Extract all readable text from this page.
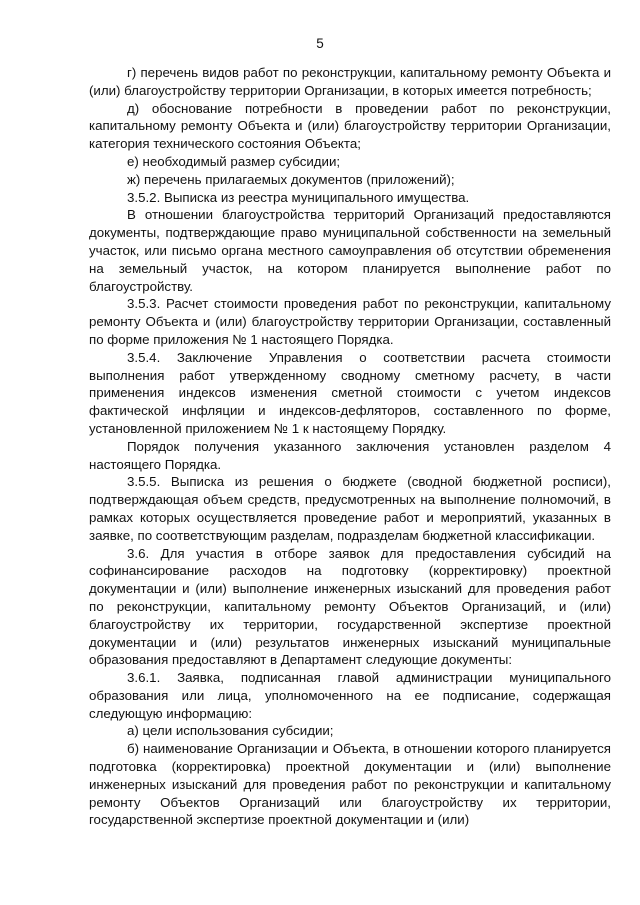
5

г) перечень видов работ по реконструкции, капитальному ремонту Объекта и (или) благоустройству территории Организации, в которых имеется потребность;

д) обоснование потребности в проведении работ по реконструкции, капитальному ремонту Объекта и (или) благоустройству территории Организации, категория технического состояния Объекта;

е) необходимый размер субсидии;

ж) перечень прилагаемых документов (приложений);

3.5.2. Выписка из реестра муниципального имущества.

В отношении благоустройства территорий Организаций предоставляются документы, подтверждающие право муниципальной собственности на земельный участок, или письмо органа местного самоуправления об отсутствии обременения на земельный участок, на котором планируется выполнение работ по благоустройству.

3.5.3. Расчет стоимости проведения работ по реконструкции, капитальному ремонту Объекта и (или) благоустройству территории Организации, составленный по форме приложения № 1 настоящего Порядка.

3.5.4. Заключение Управления о соответствии расчета стоимости выполнения работ утвержденному сводному сметному расчету, в части применения индексов изменения сметной стоимости с учетом индексов фактической инфляции и индексов-дефляторов, составленного по форме, установленной приложением № 1 к настоящему Порядку.

Порядок получения указанного заключения установлен разделом 4 настоящего Порядка.

3.5.5. Выписка из решения о бюджете (сводной бюджетной росписи), подтверждающая объем средств, предусмотренных на выполнение полномочий, в рамках которых осуществляется проведение работ и мероприятий, указанных в заявке, по соответствующим разделам, подразделам бюджетной классификации.

3.6. Для участия в отборе заявок для предоставления субсидий на софинансирование расходов на подготовку (корректировку) проектной документации и (или) выполнение инженерных изысканий для проведения работ по реконструкции, капитальному ремонту Объектов Организаций, и (или) благоустройству их территории, государственной экспертизе проектной документации и (или) результатов инженерных изысканий муниципальные образования предоставляют в Департамент следующие документы:

3.6.1. Заявка, подписанная главой администрации муниципального образования или лица, уполномоченного на ее подписание, содержащая следующую информацию:

а) цели использования субсидии;

б) наименование Организации и Объекта, в отношении которого планируется подготовка (корректировка) проектной документации и (или) выполнение инженерных изысканий для проведения работ по реконструкции и капитальному ремонту Объектов Организаций или благоустройству их территории, государственной экспертизе проектной документации и (или)
